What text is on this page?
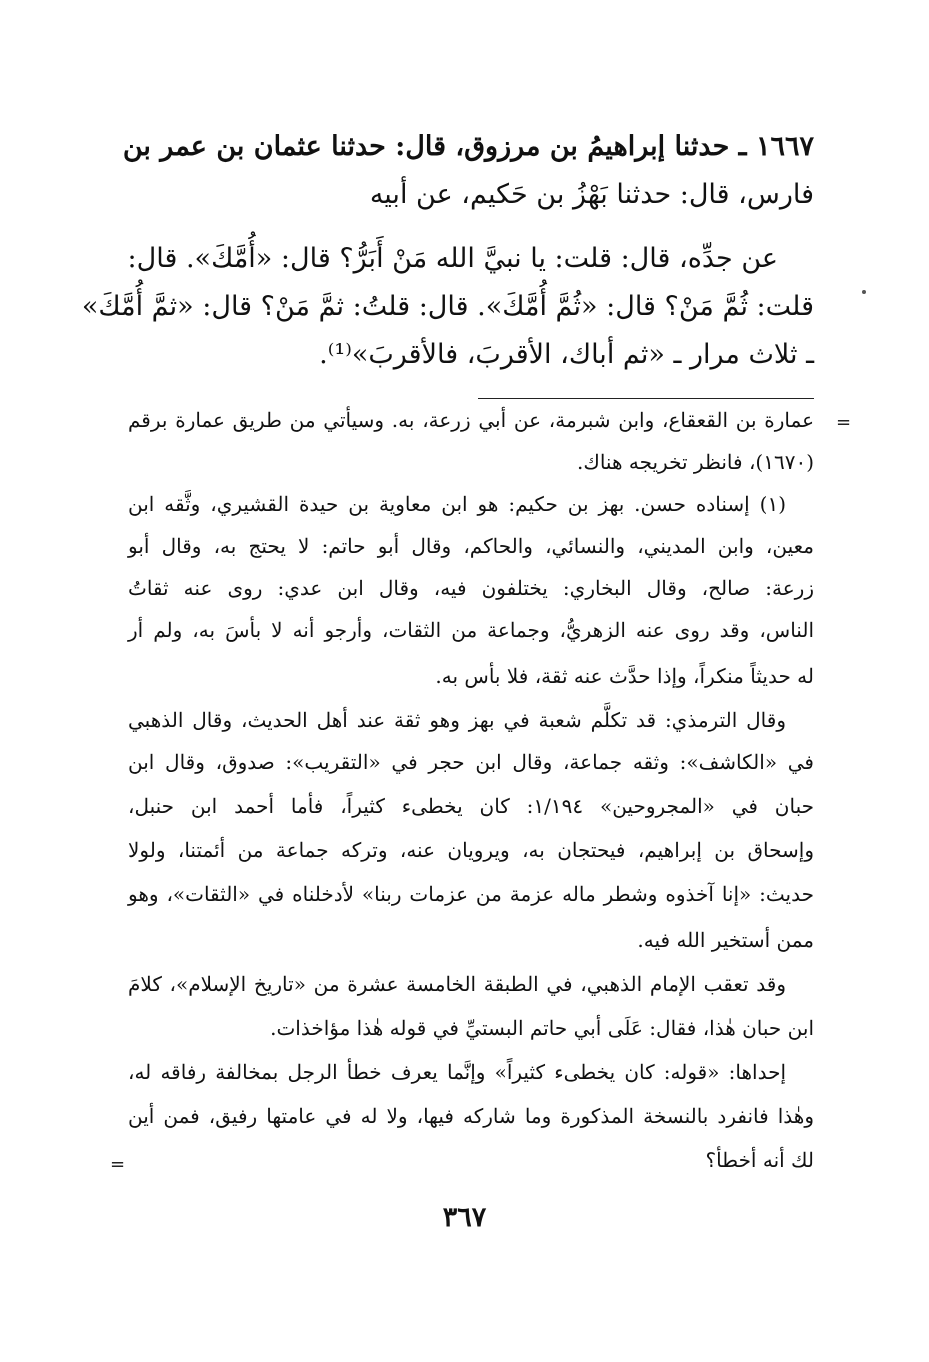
١٦٦٧ ـ حدثنا إبراهيمُ بن مرزوق، قال: حدثنا عثمان بن عمر بن
فارس، قال: حدثنا بَهْزُ بن حَكيم، عن أبيه
عن جدِّه، قال: قلت: يا نبيَّ الله مَنْ أَبَرُّ؟ قال: «أُمَّكَ». قال:
قلت: ثُمَّ مَنْ؟ قال: «ثُمَّ أُمَّكَ». قال: قلتُ: ثمَّ مَنْ؟ قال: «ثمَّ أُمَّكَ»
ـ ثلاث مرار ـ «ثم أباك، الأقربَ، فالأقربَ»⁽¹⁾.
=
عمارة بن القعقاع، وابن شبرمة، عن أبي زرعة، به. وسيأتي من طريق عمارة برقم
(١٦٧٠)، فانظر تخريجه هناك.
(١) إسناده حسن. بهز بن حكيم: هو ابن معاوية بن حيدة القشيري، وثَّقه ابن
معين، وابن المديني، والنسائي، والحاكم، وقال أبو حاتم: لا يحتج به، وقال أبو
زرعة: صالح، وقال البخاري: يختلفون فيه، وقال ابن عدي: روى عنه ثقاتُ
الناس، وقد روى عنه الزهريُّ، وجماعة من الثقات، وأرجو أنه لا بأسَ به، ولم أر
له حديثاً منكراً، وإذا حدَّث عنه ثقة، فلا بأس به.
وقال الترمذي: قد تكلَّم شعبة في بهز وهو ثقة عند أهل الحديث، وقال الذهبي
في «الكاشف»: وثقه جماعة، وقال ابن حجر في «التقريب»: صدوق، وقال ابن
حبان في «المجروحين» ١/١٩٤: كان يخطىء كثيراً، فأما أحمد ابن حنبل،
وإسحاق بن إبراهيم، فيحتجان به، ويرويان عنه، وتركه جماعة من أئمتنا، ولولا
حديث: «إنا آخذوه وشطر ماله عزمة من عزمات ربنا» لأدخلناه في «الثقات»، وهو
ممن أستخير الله فيه.
وقد تعقب الإمام الذهبي، في الطبقة الخامسة عشرة من «تاريخ الإسلام»، كلامَ
ابن حبان هٰذا، فقال: عَلَى أبي حاتم البستيِّ في قوله هٰذا مؤاخذات.
إحداها: «قوله: كان يخطىء كثيراً» وإنَّما يعرف خطأ الرجل بمخالفة رفاقه له،
وهٰذا فانفرد بالنسخة المذكورة وما شاركه فيها، ولا له في عامتها رفيق، فمن أين
لك أنه أخطأ؟
=
٣٦٧
